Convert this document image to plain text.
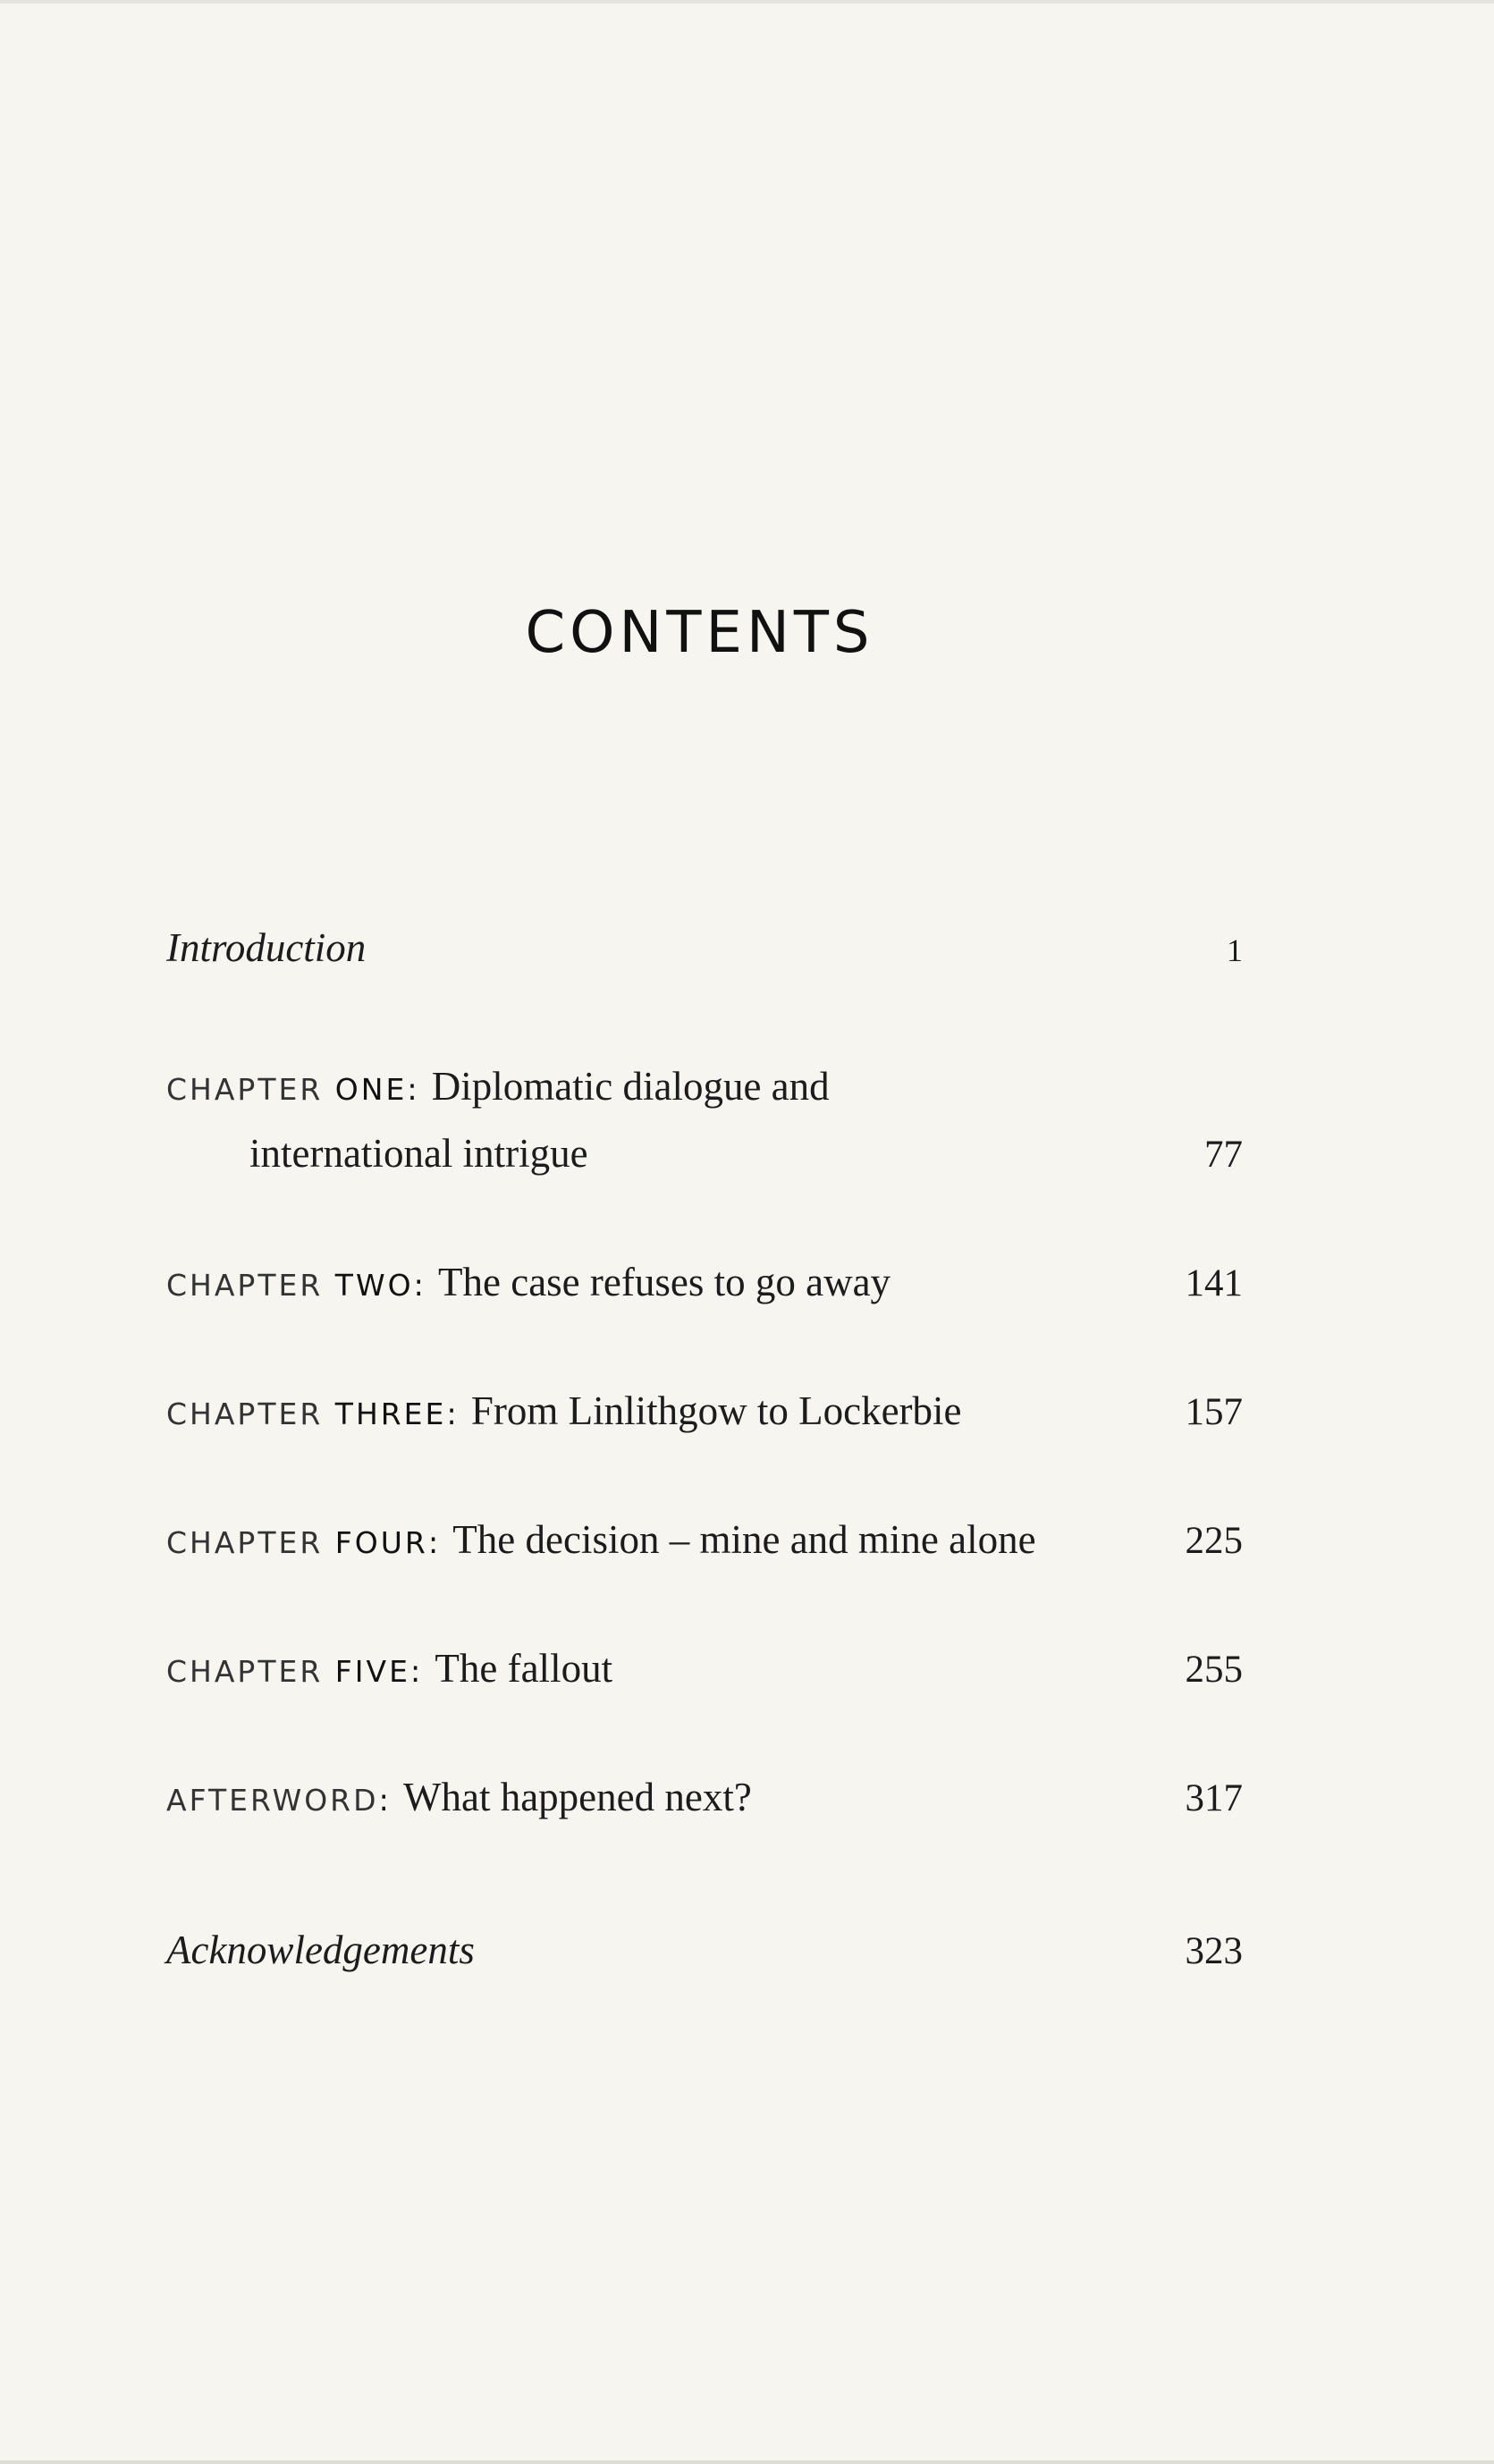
CONTENTS
Introduction	1
CHAPTER ONE: Diplomatic dialogue and
international intrigue	77
CHAPTER TWO: The case refuses to go away	141
CHAPTER THREE: From Linlithgow to Lockerbie	157
CHAPTER FOUR: The decision – mine and mine alone	225
CHAPTER FIVE: The fallout	255
AFTERWORD: What happened next?	317
Acknowledgements	323
